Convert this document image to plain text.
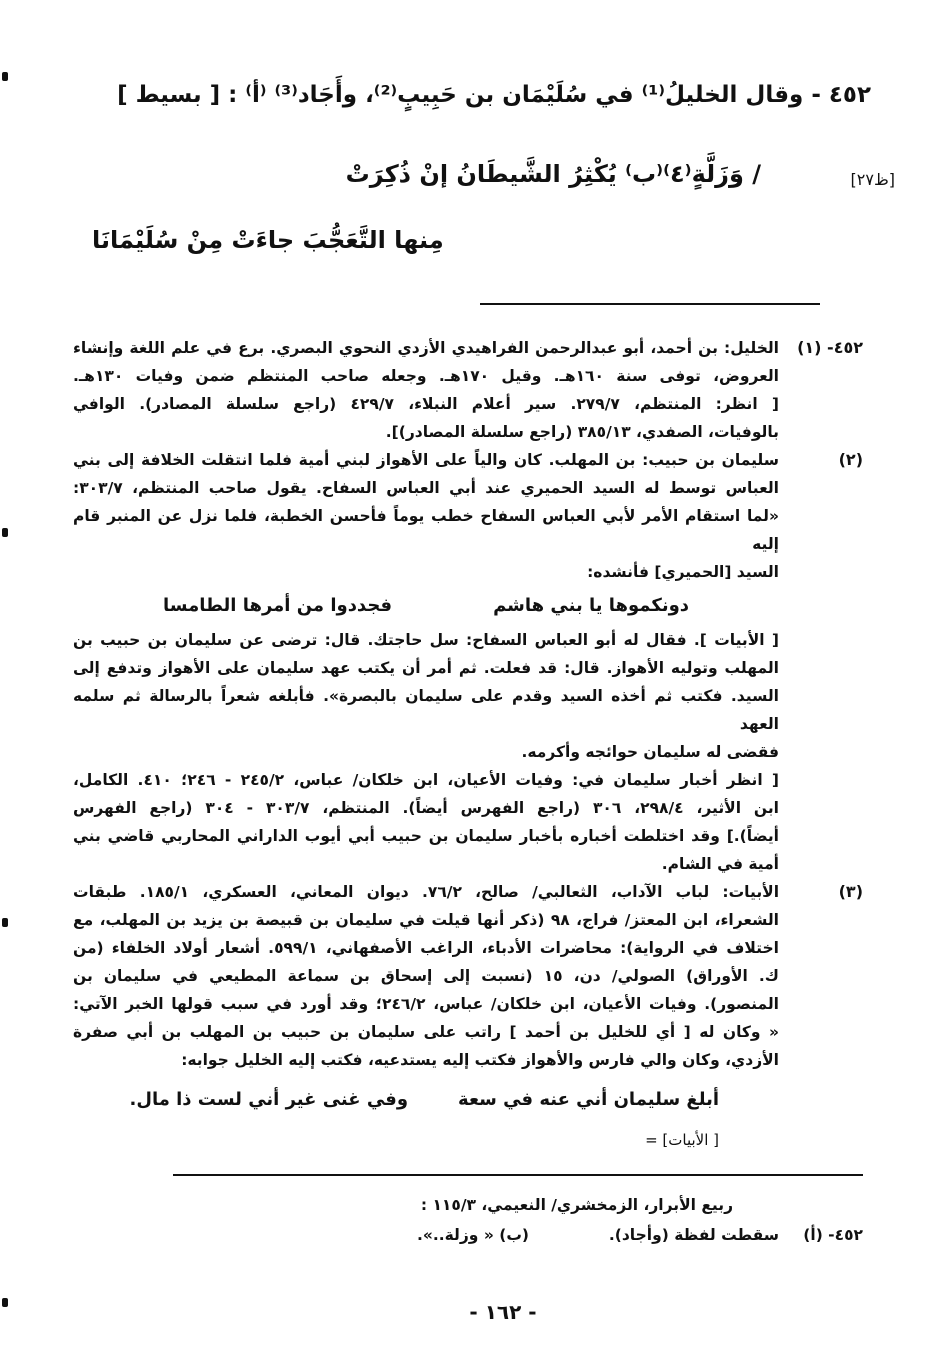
٤٥٢ - وقال الخليلُ⁽¹⁾ في سُلَيْمَان بن حَبِيبٍ⁽²⁾، وأَجَاد⁽³⁾ ⁽أ⁾ : [ بسيط ]
[ظ٢٧]
/ وَزَلَّةٍ⁽٤⁾⁽ب⁾ يُكْثِرُ الشَّيطَانُ إنْ ذُكِرَتْ
مِنها التَّعَجُّبَ جاءَتْ مِنْ سُلَيْمَانَا
٤٥٢- (١)
الخليل: بن أحمد، أبو عبدالرحمن الفراهيدي الأزدي النحوي البصري. برع في علم اللغة وإنشاء
العروض، توفى سنة ١٦٠هـ. وقيل ١٧٠هـ. وجعله صاحب المنتظم ضمن وفيات ١٣٠هـ.
[ انظر: المنتظم، ٢٧٩/٧. سير أعلام النبلاء، ٤٢٩/٧ (راجع سلسلة المصادر). الوافي
بالوفيات، الصفدي، ٣٨٥/١٣ (راجع سلسلة المصادر)].
(٢)
سليمان بن حبيب: بن المهلب. كان والياً على الأهواز لبني أمية فلما انتقلت الخلافة إلى بني
العباس توسط له السيد الحميري عند أبي العباس السفاح. يقول صاحب المنتظم، ٣٠٣/٧:
«لما استقام الأمر لأبي العباس السفاح خطب يوماً فأحسن الخطبة، فلما نزل عن المنبر قام إليه
السيد [الحميري] فأنشده:
دونكموها يا بني هاشم
فجددوا من أمرها الطامسا
[ الأبيات ]. فقال له أبو العباس السفاح: سل حاجتك. قال: ترضى عن سليمان بن حبيب بن
المهلب وتوليه الأهواز. قال: قد فعلت. ثم أمر أن يكتب عهد سليمان على الأهواز وتدفع إلى
السيد. فكتب ثم أخذه السيد وقدم على سليمان بالبصرة». فأبلغه شعراً بالرسالة ثم سلمه العهد
فقضى له سليمان حوائجه وأكرمه.
[ انظر أخبار سليمان في: وفيات الأعيان، ابن خلكان/ عباس، ٢٤٥/٢ - ٢٤٦؛ ٤١٠. الكامل،
ابن الأثير، ٢٩٨/٤، ٣٠٦ (راجع الفهرس أيضاً). المنتظم، ٣٠٣/٧ - ٣٠٤ (راجع الفهرس
أيضاً).] وقد اختلطت أخباره بأخبار سليمان بن حبيب أبي أيوب الداراني المحاربي قاضي بني
أمية في الشام.
(٣)
الأبيات: لباب الآداب، الثعالبي/ صالح، ٧٦/٢. ديوان المعاني، العسكري، ١٨٥/١. طبقات
الشعراء، ابن المعتز/ فراج، ٩٨ (ذكر أنها قيلت في سليمان بن قبيصة بن يزيد بن المهلب، مع
اختلاف في الرواية): محاضرات الأدباء، الراغب الأصفهاني، ٥٩٩/١. أشعار أولاد الخلفاء (من
ك. الأوراق) الصولي/ دن، ١٥ (نسبت إلى إسحاق بن سماعة المطيعي في سليمان بن
المنصور). وفيات الأعيان، ابن خلكان/ عباس، ٢٤٦/٢؛ وقد أورد في سبب قولها الخبر الآتي:
« وكان له [ أي للخليل بن أحمد ] راتب على سليمان بن حبيب بن المهلب بن أبي صفرة
الأزدي، وكان والي فارس والأهواز فكتب إليه يستدعيه، فكتب إليه الخليل جوابه:
أبلغ سليمان أني عنه في سعة
وفي غنى غير أني لست ذا مال.
[ الأبيات] =
ربيع الأبرار، الزمخشري/ النعيمي، ١١٥/٣ :
٤٥٢- (أ)
سقطت لفظة (وأجاد).
(ب) « وزلة..».
- ١٦٢ -
